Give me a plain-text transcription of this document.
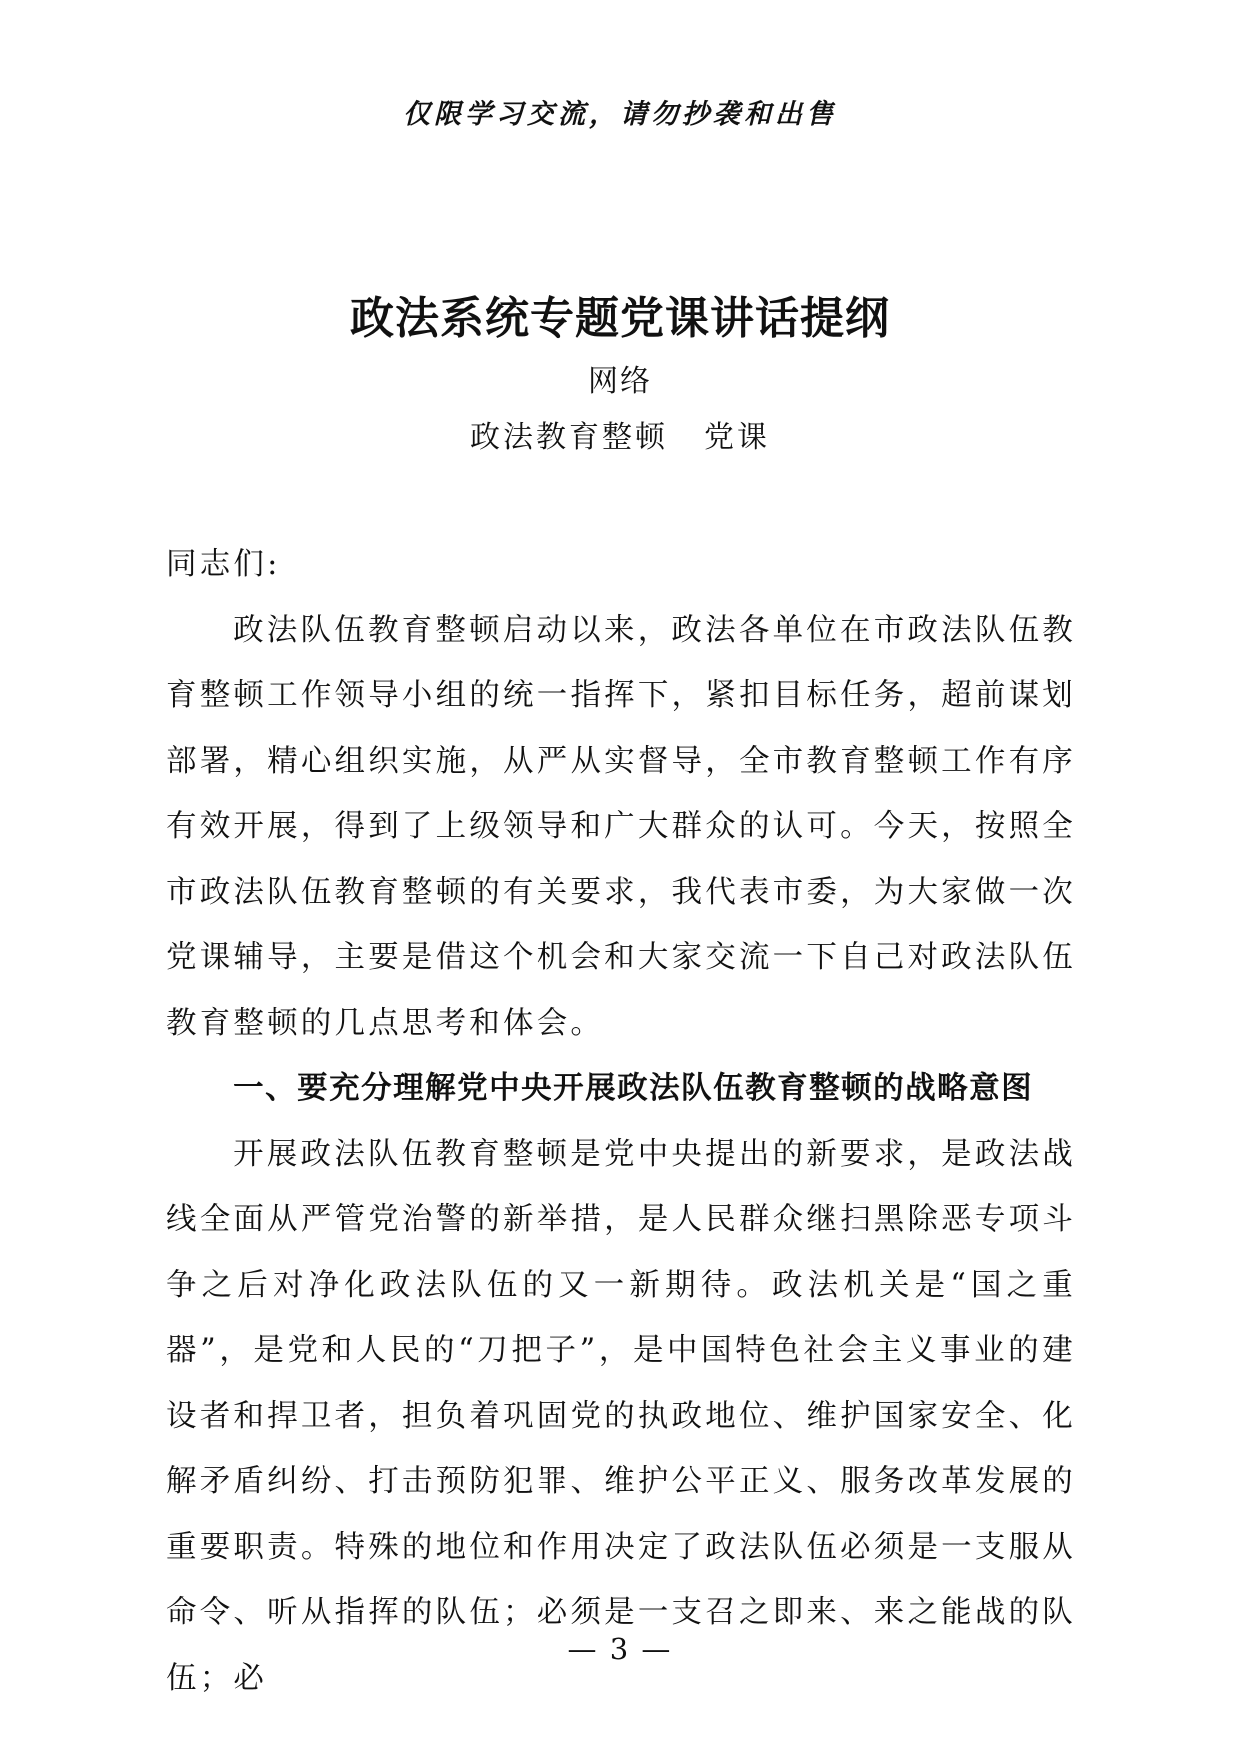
仅限学习交流，请勿抄袭和出售
政法系统专题党课讲话提纲
网络
政法教育整顿 党课

同志们:

政法队伍教育整顿启动以来，政法各单位在市政法队伍教育整顿工作领导小组的统一指挥下，紧扣目标任务，超前谋划部署，精心组织实施，从严从实督导，全市教育整顿工作有序有效开展，得到了上级领导和广大群众的认可。今天，按照全市政法队伍教育整顿的有关要求，我代表市委，为大家做一次党课辅导，主要是借这个机会和大家交流一下自己对政法队伍教育整顿的几点思考和体会。

一、要充分理解党中央开展政法队伍教育整顿的战略意图

开展政法队伍教育整顿是党中央提出的新要求，是政法战线全面从严管党治警的新举措，是人民群众继扫黑除恶专项斗争之后对净化政法队伍的又一新期待。政法机关是“国之重器”，是党和人民的“刀把子”，是中国特色社会主义事业的建设者和捍卫者，担负着巩固党的执政地位、维护国家安全、化解矛盾纠纷、打击预防犯罪、维护公平正义、服务改革发展的重要职责。特殊的地位和作用决定了政法队伍必须是一支服从命令、听从指挥的队伍；必须是一支召之即来、来之能战的队伍；必

— 3 —
